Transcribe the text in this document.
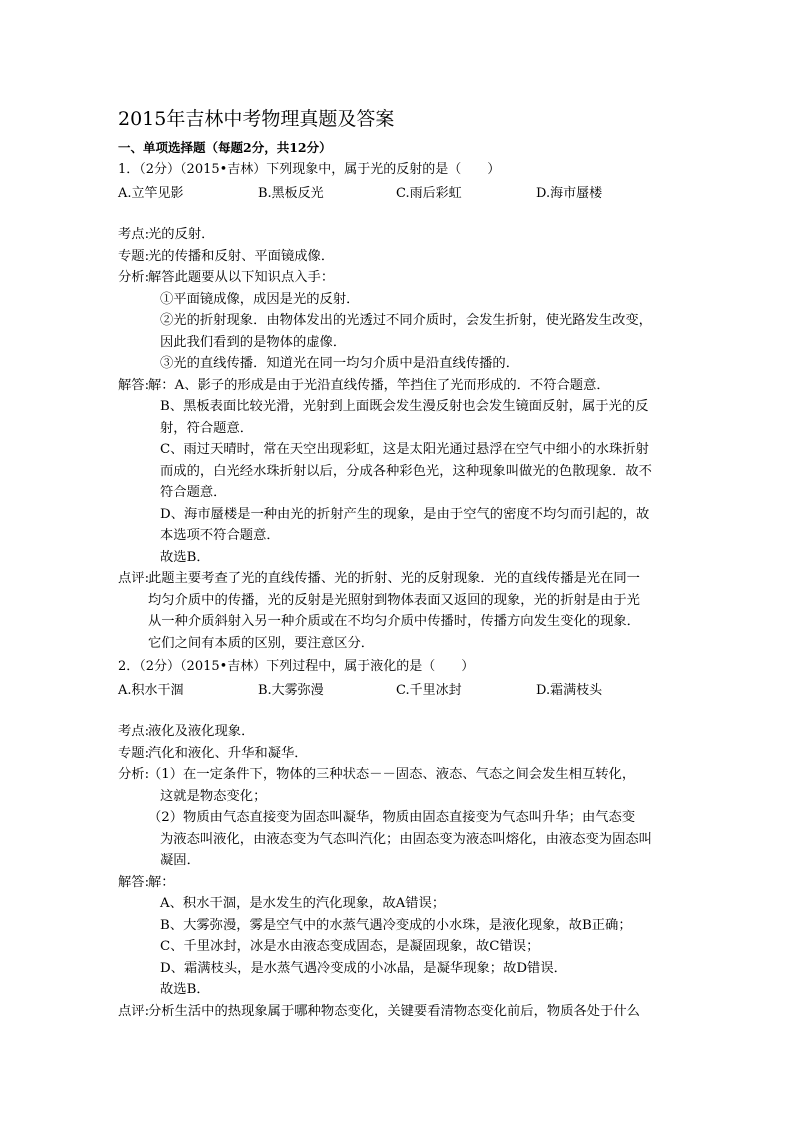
2015年吉林中考物理真题及答案
一、单项选择题（每题2分，共12分）
1．（2分）（2015•吉林）下列现象中，属于光的反射的是（　　）
A.立竿见影	B.黑板反光	C.雨后彩虹	D.海市蜃楼
考点:
光的反射．
专题:
光的传播和反射、平面镜成像．
分析:
解答此题要从以下知识点入手：
①平面镜成像，成因是光的反射．
②光的折射现象．由物体发出的光透过不同介质时，会发生折射，使光路发生改变，
因此我们看到的是物体的虚像．
③光的直线传播．知道光在同一均匀介质中是沿直线传播的．
解答:
解：A、影子的形成是由于光沿直线传播，竿挡住了光而形成的．不符合题意．
B、黑板表面比较光滑，光射到上面既会发生漫反射也会发生镜面反射，属于光的反
射，符合题意．
C、雨过天晴时，常在天空出现彩虹，这是太阳光通过悬浮在空气中细小的水珠折射
而成的，白光经水珠折射以后，分成各种彩色光，这种现象叫做光的色散现象．故不
符合题意．
D、海市蜃楼是一种由光的折射产生的现象，是由于空气的密度不均匀而引起的，故
本选项不符合题意．
故选B．
点评:
此题主要考查了光的直线传播、光的折射、光的反射现象．光的直线传播是光在同一
均匀介质中的传播，光的反射是光照射到物体表面又返回的现象，光的折射是由于光
从一种介质斜射入另一种介质或在不均匀介质中传播时，传播方向发生变化的现象．
它们之间有本质的区别，要注意区分．
2．（2分）（2015•吉林）下列过程中，属于液化的是（　　）
A.积水干涸	B.大雾弥漫	C.千里冰封	D.霜满枝头
考点:
液化及液化现象．
专题:
汽化和液化、升华和凝华．
分析:
（1）在一定条件下，物体的三种状态－－固态、液态、气态之间会发生相互转化，
这就是物态变化；
（2）物质由气态直接变为固态叫凝华，物质由固态直接变为气态叫升华；由气态变
为液态叫液化，由液态变为气态叫汽化；由固态变为液态叫熔化，由液态变为固态叫
凝固．
解答:
解：
A、积水干涸，是水发生的汽化现象，故A错误；
B、大雾弥漫，雾是空气中的水蒸气遇冷变成的小水珠，是液化现象，故B正确；
C、千里冰封，冰是水由液态变成固态，是凝固现象，故C错误；
D、霜满枝头，是水蒸气遇冷变成的小冰晶，是凝华现象；故D错误．
故选B．
点评:
分析生活中的热现象属于哪种物态变化，关键要看清物态变化前后，物质各处于什么
